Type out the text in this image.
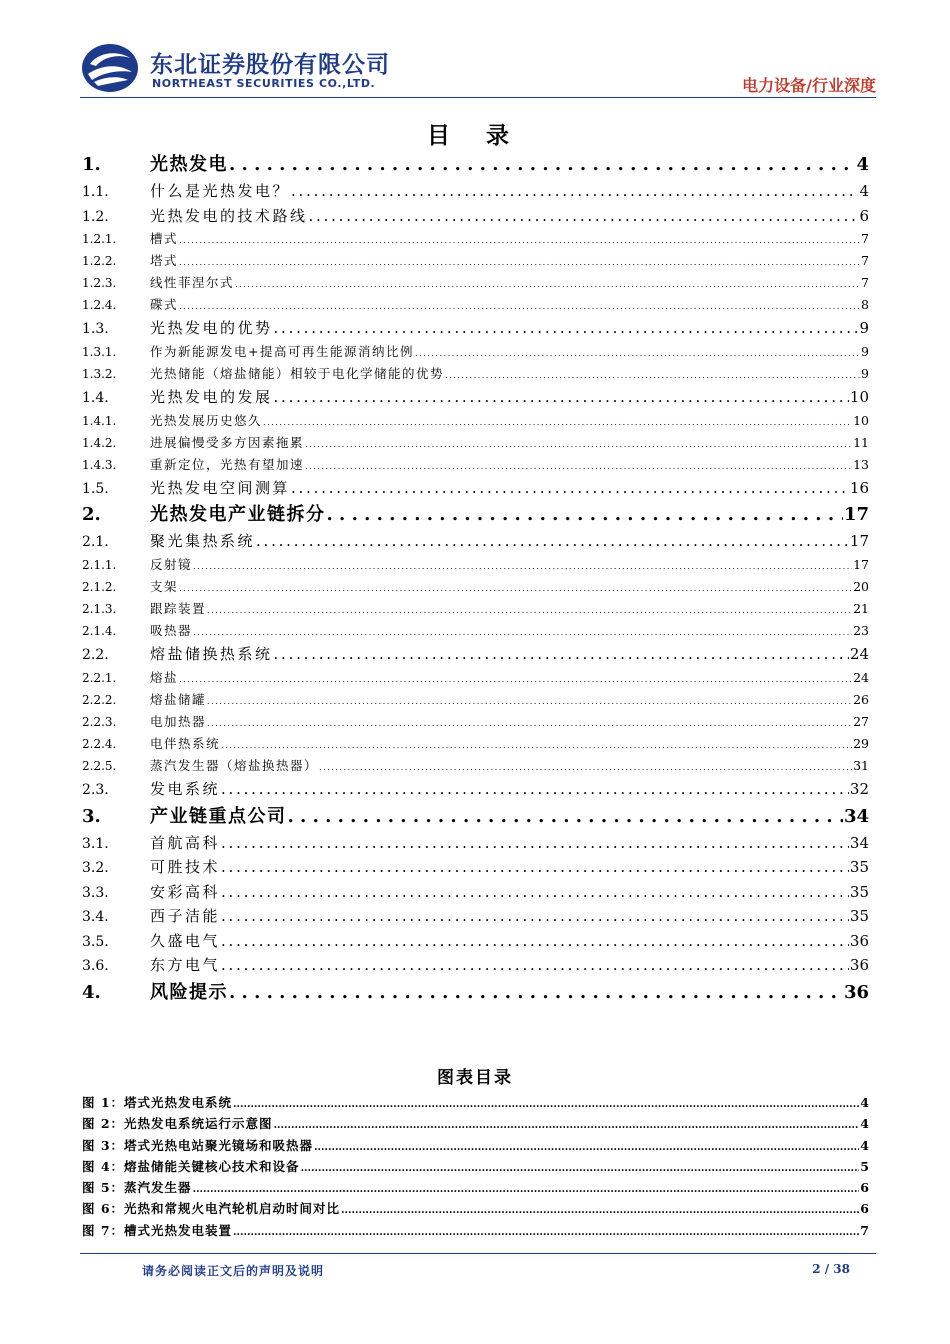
东北证券股份有限公司
NORTHEAST SECURITIES CO.,LTD.	电力设备/行业深度
目 录
1.	光热发电 . . .	4
1.1.	什么是光热发电？ . . .	4
1.2.	光热发电的技术路线 . . .	6
1.2.1.	槽式 . . .	7
1.2.2.	塔式 . . .	7
1.2.3.	线性菲涅尔式 . . .	7
1.2.4.	碟式 . . .	8
1.3.	光热发电的优势 . . .	9
1.3.1.	作为新能源发电+提高可再生能源消纳比例 . . .	9
1.3.2.	光热储能（熔盐储能）相较于电化学储能的优势 . . .	9
1.4.	光热发电的发展 . . .	10
1.4.1.	光热发展历史悠久 . . .	10
1.4.2.	进展偏慢受多方因素拖累 . . .	11
1.4.3.	重新定位，光热有望加速 . . .	13
1.5.	光热发电空间测算 . . .	16
2.	光热发电产业链拆分 . . .	17
2.1.	聚光集热系统 . . .	17
2.1.1.	反射镜 . . .	17
2.1.2.	支架 . . .	20
2.1.3.	跟踪装置 . . .	21
2.1.4.	吸热器 . . .	23
2.2.	熔盐储换热系统 . . .	24
2.2.1.	熔盐 . . .	24
2.2.2.	熔盐储罐 . . .	26
2.2.3.	电加热器 . . .	27
2.2.4.	电伴热系统 . . .	29
2.2.5.	蒸汽发生器（熔盐换热器） . . .	31
2.3.	发电系统 . . .	32
3.	产业链重点公司 . . .	34
3.1.	首航高科 . . .	34
3.2.	可胜技术 . . .	35
3.3.	安彩高科 . . .	35
3.4.	西子洁能 . . .	35
3.5.	久盛电气 . . .	36
3.6.	东方电气 . . .	36
4.	风险提示 . . .	36
图表目录
图 1：塔式光热发电系统 .....	4
图 2：光热发电系统运行示意图 .....	4
图 3：塔式光热电站聚光镜场和吸热器 .....	4
图 4：熔盐储能关键核心技术和设备 .....	5
图 5：蒸汽发生器 .....	6
图 6：光热和常规火电汽轮机启动时间对比 .....	6
图 7：槽式光热发电装置 .....	7
请务必阅读正文后的声明及说明	2 / 38
